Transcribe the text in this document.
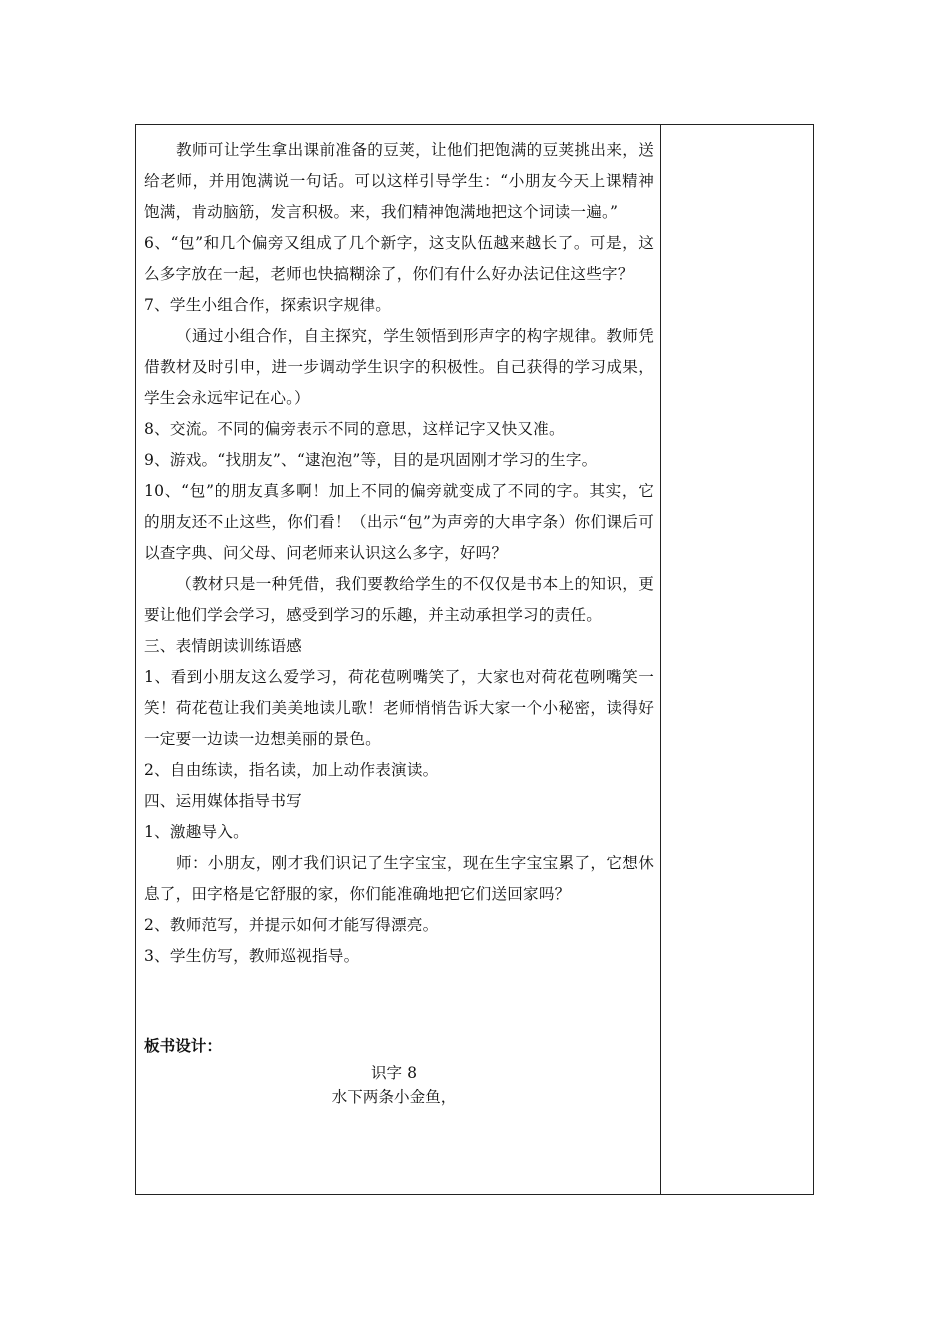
教师可让学生拿出课前准备的豆荚，让他们把饱满的豆荚挑出来，送给老师，并用饱满说一句话。可以这样引导学生：“小朋友今天上课精神饱满，肯动脑筋，发言积极。来，我们精神饱满地把这个词读一遍。”

6、“包”和几个偏旁又组成了几个新字，这支队伍越来越长了。可是，这么多字放在一起，老师也快搞糊涂了，你们有什么好办法记住这些字？

7、学生小组合作，探索识字规律。

（通过小组合作，自主探究，学生领悟到形声字的构字规律。教师凭借教材及时引申，进一步调动学生识字的积极性。自己获得的学习成果，学生会永远牢记在心。）

8、交流。不同的偏旁表示不同的意思，这样记字又快又准。

9、游戏。“找朋友”、“逮泡泡”等，目的是巩固刚才学习的生字。

10、“包”的朋友真多啊！加上不同的偏旁就变成了不同的字。其实，它的朋友还不止这些，你们看！（出示“包”为声旁的大串字条）你们课后可以查字典、问父母、问老师来认识这么多字，好吗？

（教材只是一种凭借，我们要教给学生的不仅仅是书本上的知识，更要让他们学会学习，感受到学习的乐趣，并主动承担学习的责任。

三、表情朗读训练语感

1、看到小朋友这么爱学习，荷花苞咧嘴笑了，大家也对荷花苞咧嘴笑一笑！荷花苞让我们美美地读儿歌！老师悄悄告诉大家一个小秘密，读得好一定要一边读一边想美丽的景色。

2、自由练读，指名读，加上动作表演读。

四、运用媒体指导书写

1、激趣导入。

师：小朋友，刚才我们识记了生字宝宝，现在生字宝宝累了，它想休息了，田字格是它舒服的家，你们能准确地把它们送回家吗？

2、教师范写，并提示如何才能写得漂亮。

3、学生仿写，教师巡视指导。

板书设计：

识字 8

水下两条小金鱼，
